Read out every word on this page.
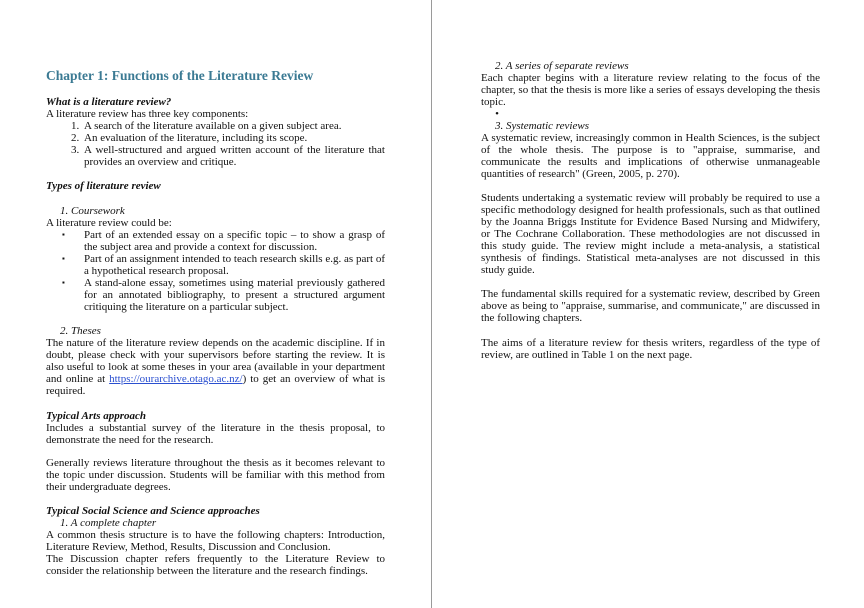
Chapter 1: Functions of the Literature Review
What is a literature review?

A literature review has three key components:

1. A search of the literature available on a given subject area.
2. An evaluation of the literature, including its scope.
3. A well-structured and argued written account of the literature that provides an overview and critique.
Types of literature review
1. Coursework

A literature review could be:

▪ Part of an extended essay on a specific topic – to show a grasp of the subject area and provide a context for discussion.
▪ Part of an assignment intended to teach research skills e.g. as part of a hypothetical research proposal.
▪ A stand-alone essay, sometimes using material previously gathered for an annotated bibliography, to present a structured argument critiquing the literature on a particular subject.
2. Theses

The nature of the literature review depends on the academic discipline. If in doubt, please check with your supervisors before starting the review. It is also useful to look at some theses in your area (available in your department and online at https://ourarchive.otago.ac.nz/) to get an overview of what is required.

Typical Arts approach

Includes a substantial survey of the literature in the thesis proposal, to demonstrate the need for the research.

Generally reviews literature throughout the thesis as it becomes relevant to the topic under discussion. Students will be familiar with this method from their undergraduate degrees.

Typical Social Science and Science approaches
1. A complete chapter

A common thesis structure is to have the following chapters: Introduction, Literature Review, Method, Results, Discussion and Conclusion.

The Discussion chapter refers frequently to the Literature Review to consider the relationship between the literature and the research findings.

2. A series of separate reviews

Each chapter begins with a literature review relating to the focus of the chapter, so that the thesis is more like a series of essays developing the thesis topic.

•
3. Systematic reviews

A systematic review, increasingly common in Health Sciences, is the subject of the whole thesis. The purpose is to "appraise, summarise, and communicate the results and implications of otherwise unmanageable quantities of research" (Green, 2005, p. 270).

Students undertaking a systematic review will probably be required to use a specific methodology designed for health professionals, such as that outlined by the Joanna Briggs Institute for Evidence Based Nursing and Midwifery, or The Cochrane Collaboration. These methodologies are not discussed in this study guide. The review might include a meta-analysis, a statistical synthesis of findings. Statistical meta-analyses are not discussed in this study guide.

The fundamental skills required for a systematic review, described by Green above as being to "appraise, summarise, and communicate," are discussed in the following chapters.

The aims of a literature review for thesis writers, regardless of the type of review, are outlined in Table 1 on the next page.
